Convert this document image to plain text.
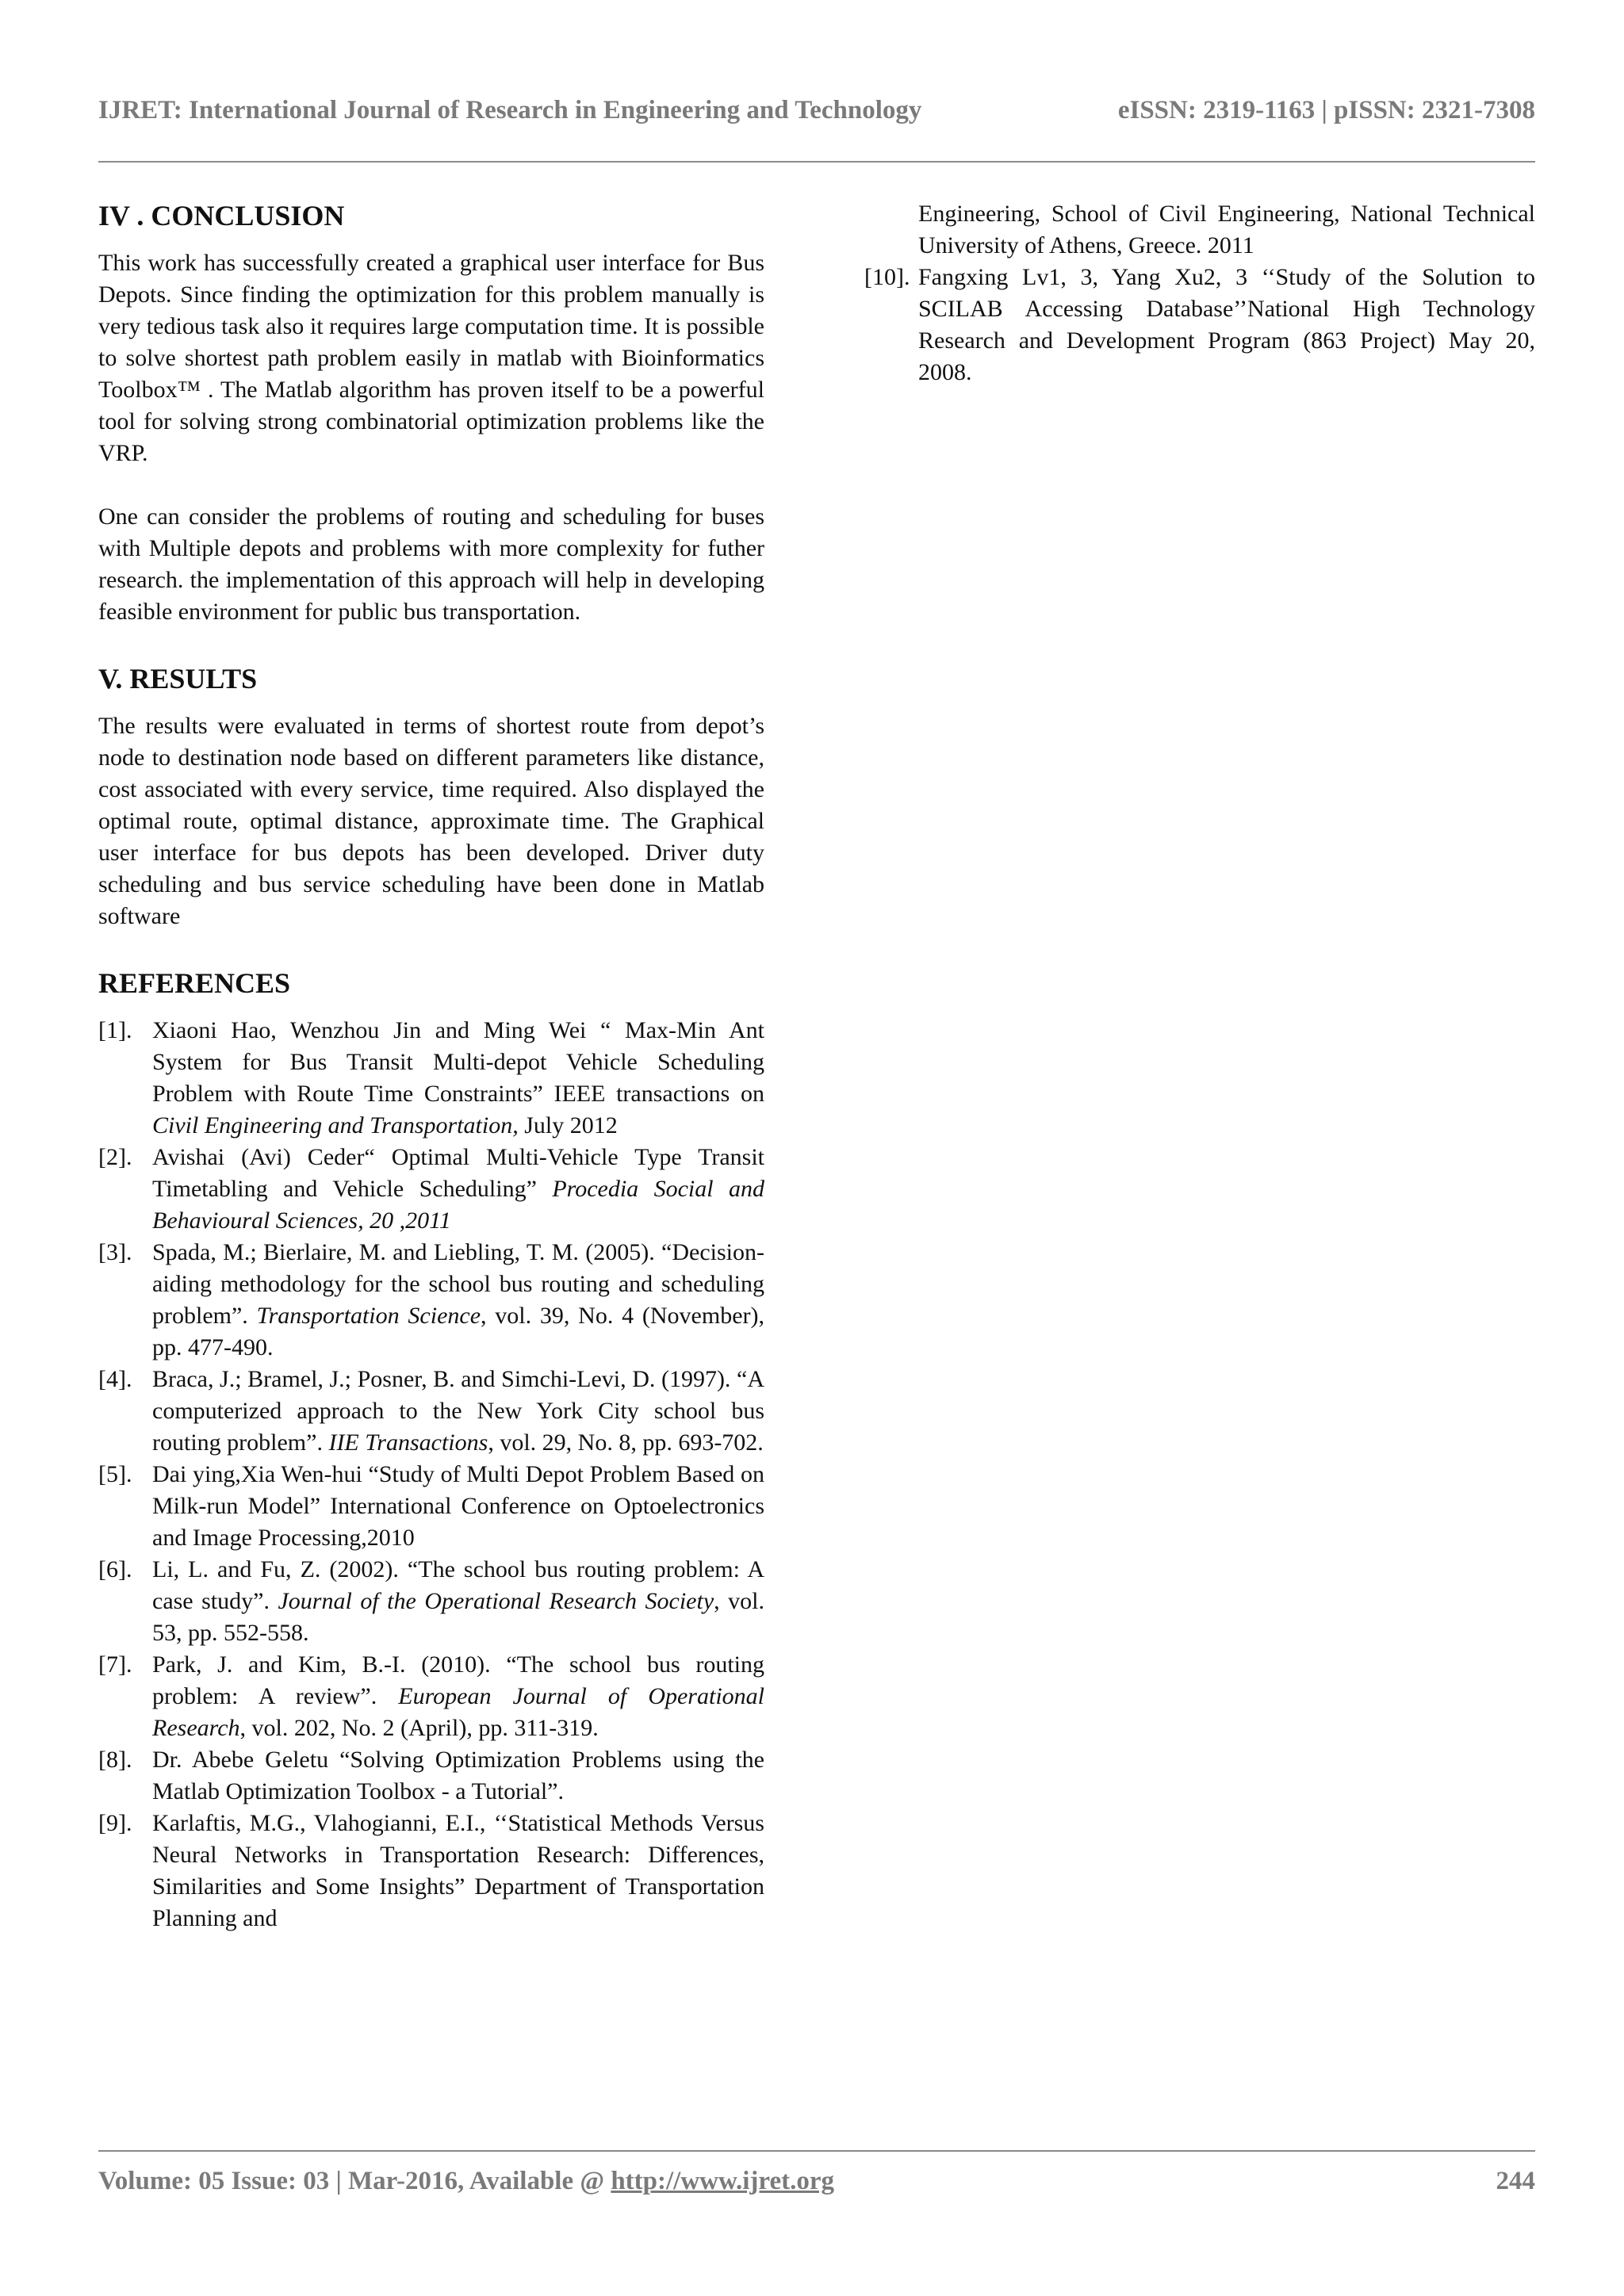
IJRET: International Journal of Research in Engineering and Technology	eISSN: 2319-1163 | pISSN: 2321-7308
IV . CONCLUSION

This work has successfully created a graphical user interface for Bus Depots. Since finding the optimization for this problem manually is very tedious task also it requires large computation time. It is possible to solve shortest path problem easily in matlab with Bioinformatics Toolbox™ . The Matlab algorithm has proven itself to be a powerful tool for solving strong combinatorial optimization problems like the VRP.

One can consider the problems of routing and scheduling for buses with Multiple depots and problems with more complexity for futher research. the implementation of this approach will help in developing feasible environment for public bus transportation.

V. RESULTS

The results were evaluated in terms of shortest route from depot’s node to destination node based on different parameters like distance, cost associated with every service, time required. Also displayed the optimal route, optimal distance, approximate time. The Graphical user interface for bus depots has been developed. Driver duty scheduling and bus service scheduling have been done in Matlab software

REFERENCES
[1]. Xiaoni Hao, Wenzhou Jin and Ming Wei “ Max-Min Ant System for Bus Transit Multi-depot Vehicle Scheduling Problem with Route Time Constraints” IEEE transactions on Civil Engineering and Transportation, July 2012
[2]. Avishai (Avi) Ceder“ Optimal Multi-Vehicle Type Transit Timetabling and Vehicle Scheduling” Procedia Social and Behavioural Sciences, 20 ,2011
[3]. Spada, M.; Bierlaire, M. and Liebling, T. M. (2005). “Decision-aiding methodology for the school bus routing and scheduling problem”. Transportation Science, vol. 39, No. 4 (November), pp. 477-490.
[4]. Braca, J.; Bramel, J.; Posner, B. and Simchi-Levi, D. (1997). “A computerized approach to the New York City school bus routing problem”. IIE Transactions, vol. 29, No. 8, pp. 693-702.
[5]. Dai ying,Xia Wen-hui “Study of Multi Depot Problem Based on Milk-run Model” International Conference on Optoelectronics and Image Processing,2010
[6]. Li, L. and Fu, Z. (2002). “The school bus routing problem: A case study”. Journal of the Operational Research Society, vol. 53, pp. 552-558.
[7]. Park, J. and Kim, B.-I. (2010). “The school bus routing problem: A review”. European Journal of Operational Research, vol. 202, No. 2 (April), pp. 311-319.
[8]. Dr. Abebe Geletu “Solving Optimization Problems using the Matlab Optimization Toolbox - a Tutorial”.
[9]. Karlaftis, M.G., Vlahogianni, E.I., ‘‘Statistical Methods Versus Neural Networks in Transportation Research: Differences, Similarities and Some Insights” Department of Transportation Planning and
Engineering, School of Civil Engineering, National Technical University of Athens, Greece. 2011
[10]. Fangxing Lv1, 3, Yang Xu2, 3 ‘‘Study of the Solution to SCILAB Accessing Database’’National High Technology Research and Development Program (863 Project) May 20, 2008.
Volume: 05 Issue: 03 | Mar-2016, Available @ http://www.ijret.org	244
